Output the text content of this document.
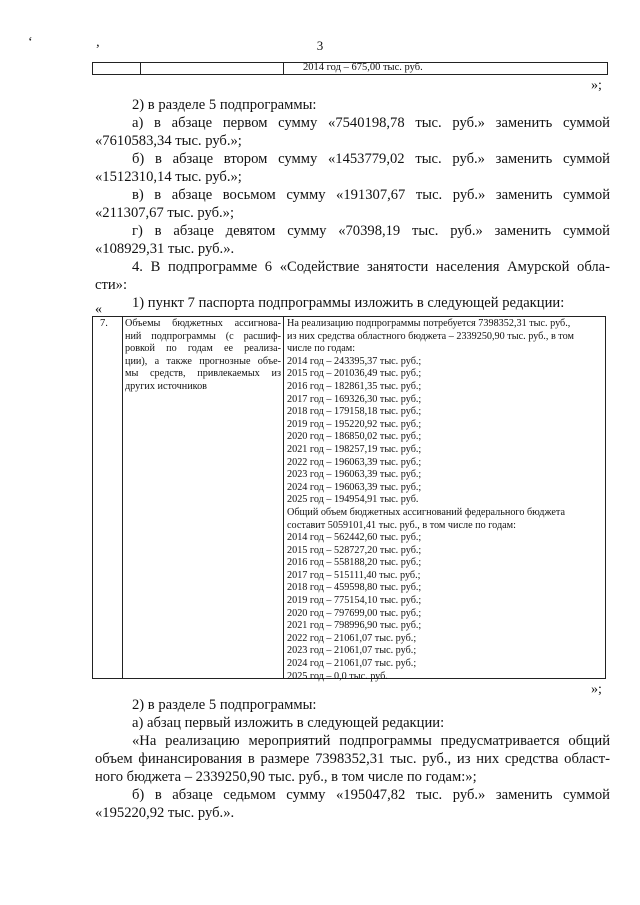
‘ ,	3
2014 год – 675,00 тыс. руб.
»;
2) в разделе 5 подпрограммы:
а) в абзаце первом сумму «7540198,78 тыс. руб.» заменить суммой
«7610583,34 тыс. руб.»;
б) в абзаце втором сумму «1453779,02 тыс. руб.» заменить суммой
«1512310,14 тыс. руб.»;
в) в абзаце восьмом сумму «191307,67 тыс. руб.» заменить суммой
«211307,67 тыс. руб.»;
г) в абзаце девятом сумму «70398,19 тыс. руб.» заменить суммой
«108929,31 тыс. руб.».
4. В подпрограмме 6 «Содействие занятости населения Амурской обла-
сти»:
1) пункт 7 паспорта подпрограммы изложить в следующей редакции:
«
7. Объемы бюджетных ассигнова-
ний подпрограммы (с расшиф-
ровкой по годам ее реализа-
ции), а также прогнозные объе-
мы средств, привлекаемых из
других источников
На реализацию подпрограммы потребуется 7398352,31 тыс. руб.,
из них средства областного бюджета – 2339250,90 тыс. руб., в том
числе по годам:
2014 год – 243395,37 тыс. руб.;
2015 год – 201036,49 тыс. руб.;
2016 год – 182861,35 тыс. руб.;
2017 год – 169326,30 тыс. руб.;
2018 год – 179158,18 тыс. руб.;
2019 год – 195220,92 тыс. руб.;
2020 год – 186850,02 тыс. руб.;
2021 год – 198257,19 тыс. руб.;
2022 год – 196063,39 тыс. руб.;
2023 год – 196063,39 тыс. руб.;
2024 год – 196063,39 тыс. руб.;
2025 год – 194954,91 тыс. руб.
Общий объем бюджетных ассигнований федерального бюджета
составит 5059101,41 тыс. руб., в том числе по годам:
2014 год – 562442,60 тыс. руб.;
2015 год – 528727,20 тыс. руб.;
2016 год – 558188,20 тыс. руб.;
2017 год – 515111,40 тыс. руб.;
2018 год – 459598,80 тыс. руб.;
2019 год – 775154,10 тыс. руб.;
2020 год – 797699,00 тыс. руб.;
2021 год – 798996,90 тыс. руб.;
2022 год – 21061,07 тыс. руб.;
2023 год – 21061,07 тыс. руб.;
2024 год – 21061,07 тыс. руб.;
2025 год – 0,0 тыс. руб.
»;
2) в разделе 5 подпрограммы:
а) абзац первый изложить в следующей редакции:
«На реализацию мероприятий подпрограммы предусматривается общий
объем финансирования в размере 7398352,31 тыс. руб., из них средства област-
ного бюджета – 2339250,90 тыс. руб., в том числе по годам:»;
б) в абзаце седьмом сумму «195047,82 тыс. руб.» заменить суммой
«195220,92 тыс. руб.».
